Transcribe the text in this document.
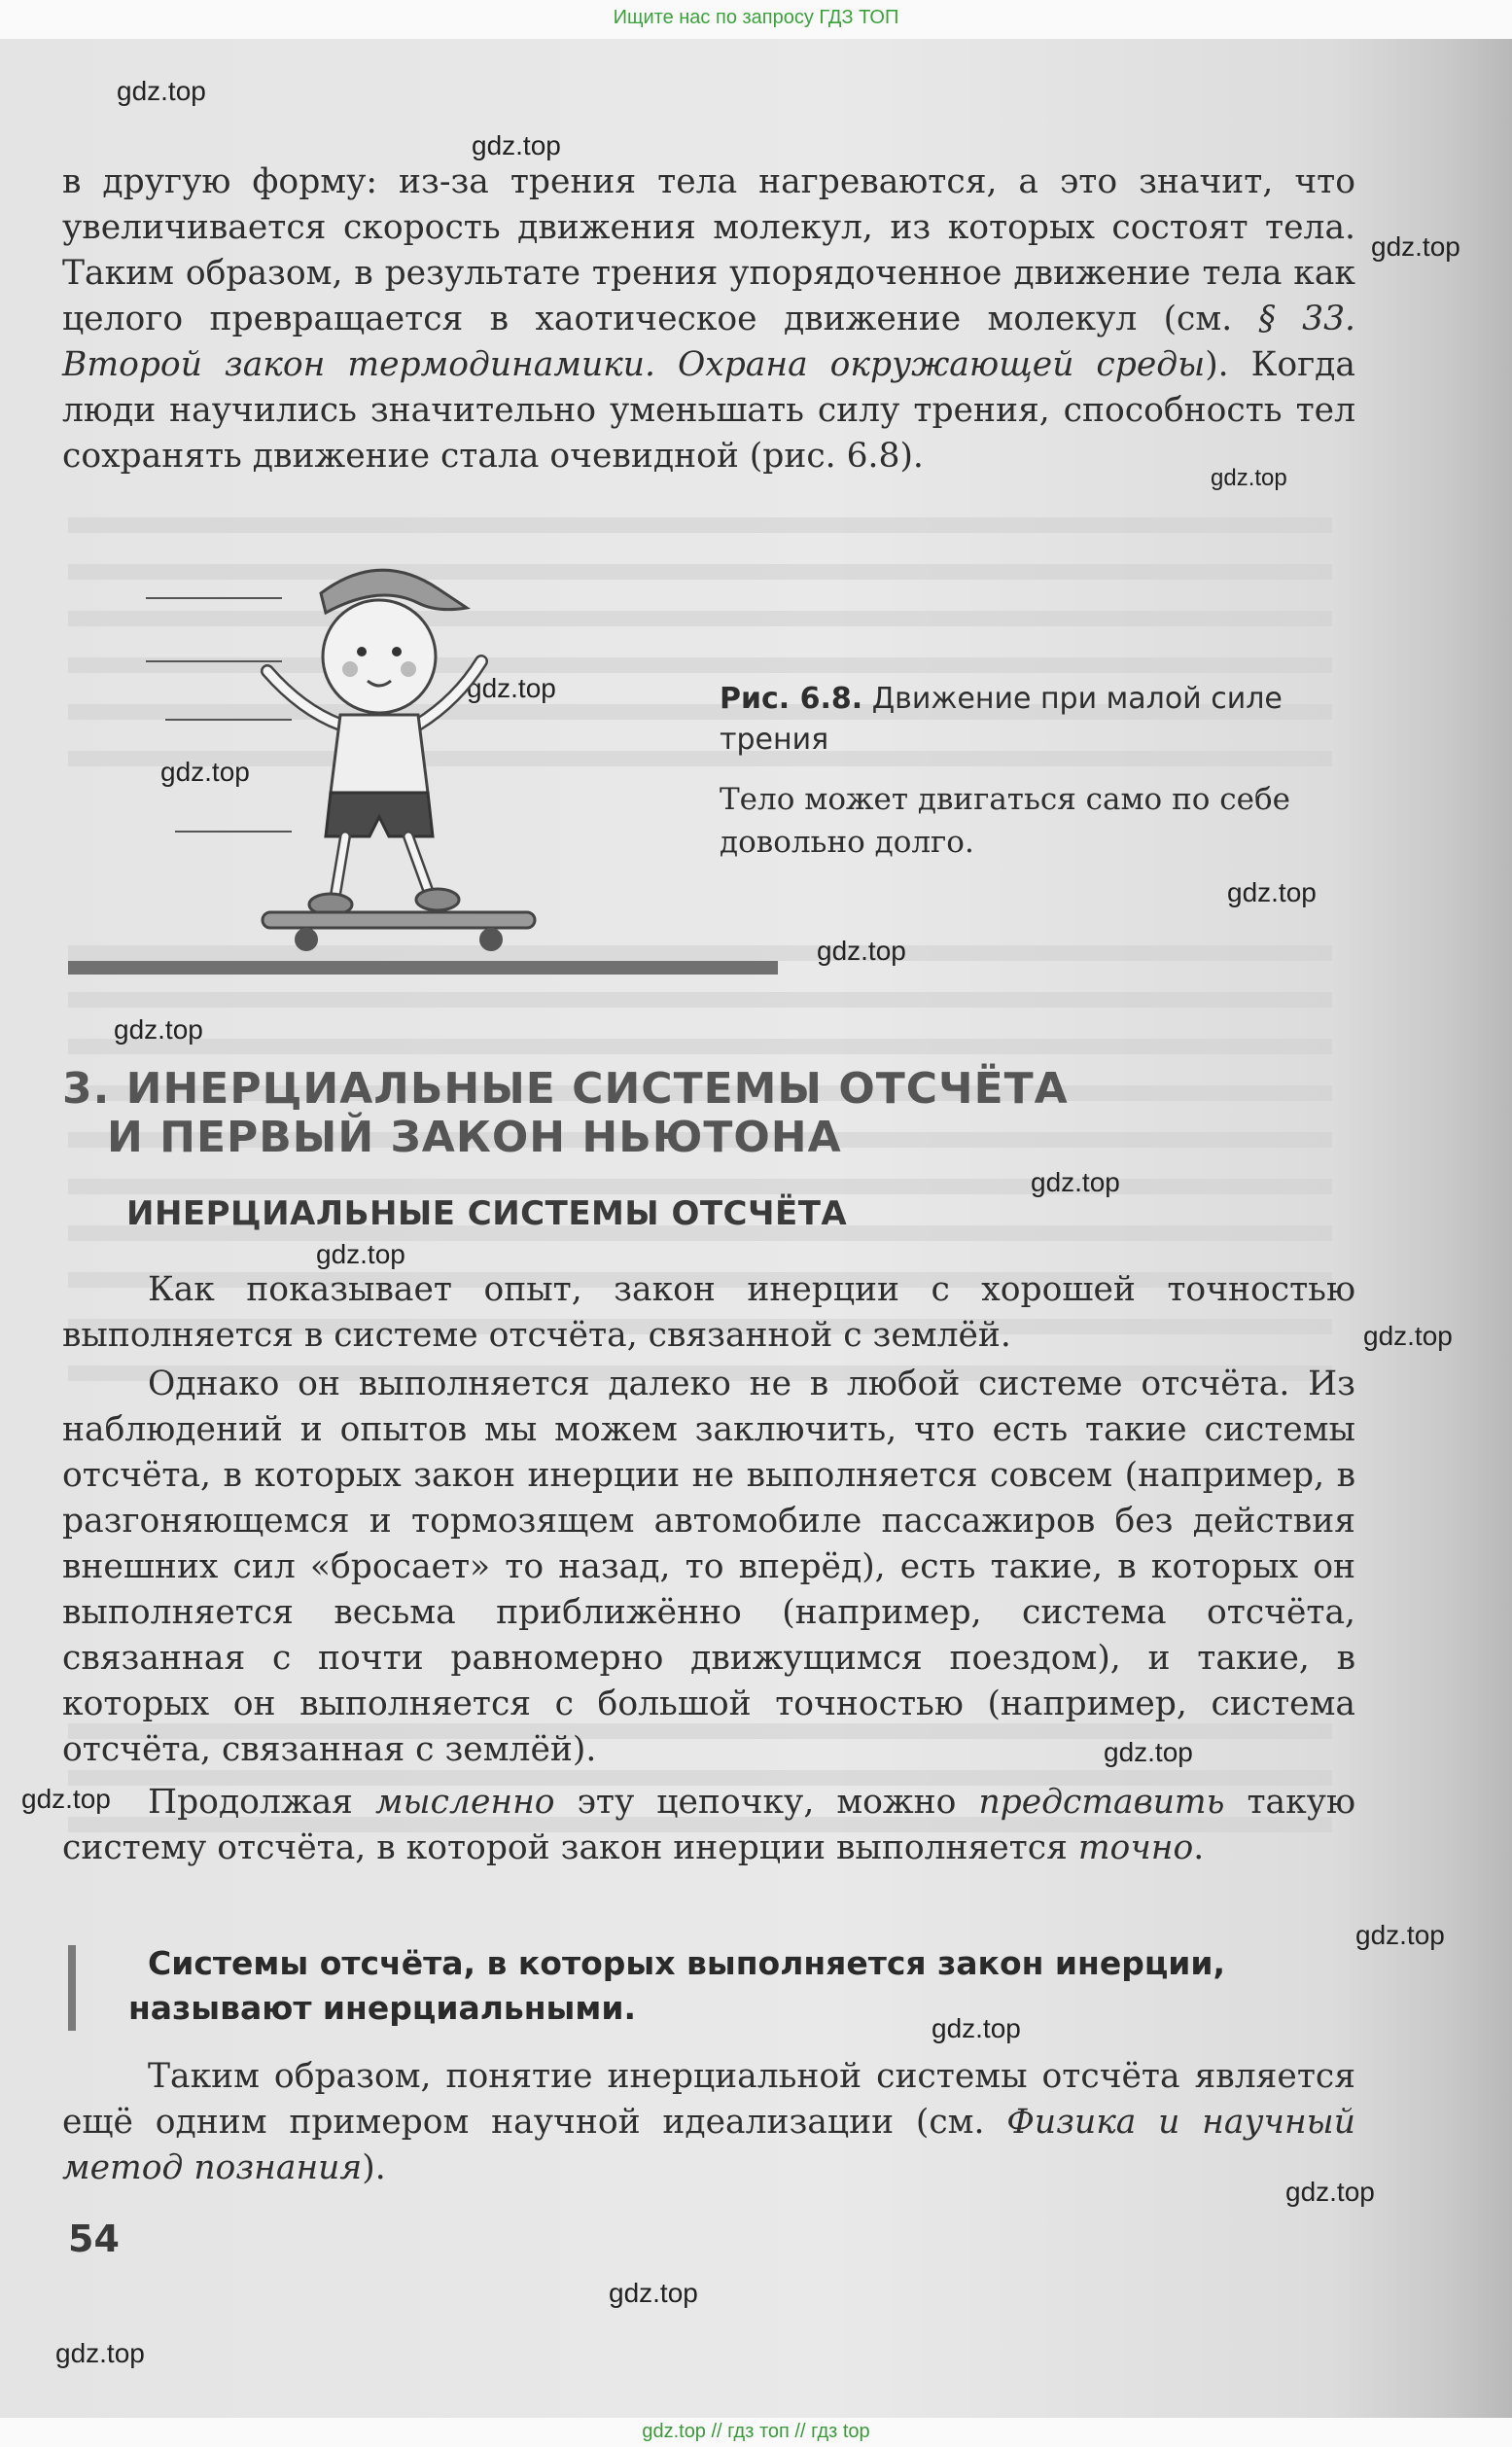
Ищите нас по запросу ГДЗ ТОП
gdz.top
gdz.top
gdz.top
gdz.top
gdz.top
gdz.top
gdz.top
gdz.top
gdz.top
gdz.top
gdz.top
gdz.top
gdz.top
gdz.top
gdz.top
gdz.top
gdz.top
gdz.top
gdz.top

в другую форму: из-за трения тела нагреваются, а это значит, что увеличивается скорость движения молекул, из которых состоят тела. Таким образом, в результате трения упорядоченное движение тела как целого превращается в хаотическое движение молекул (см. § 33. Второй закон термодинамики. Охрана окружающей среды). Когда люди научились значительно уменьшать силу трения, способность тел сохранять движение стала очевидной (рис. 6.8).

Рис. 6.8. Движение при малой силе трения

Тело может двигаться само по себе довольно долго.

3. ИНЕРЦИАЛЬНЫЕ СИСТЕМЫ ОТСЧЁТА
И ПЕРВЫЙ ЗАКОН НЬЮТОНА
ИНЕРЦИАЛЬНЫЕ СИСТЕМЫ ОТСЧЁТА

Как показывает опыт, закон инерции с хорошей точностью выполняется в системе отсчёта, связанной с землёй.

Однако он выполняется далеко не в любой системе отсчёта. Из наблюдений и опытов мы можем заключить, что есть такие системы отсчёта, в которых закон инерции не выполняется совсем (например, в разгоняющемся и тормозящем автомобиле пассажиров без действия внешних сил «бросает» то назад, то вперёд), есть такие, в которых он выполняется весьма приближённо (например, система отсчёта, связанная с почти равномерно движущимся поездом), и такие, в которых он выполняется с большой точностью (например, система отсчёта, связанная с землёй).

Продолжая мысленно эту цепочку, можно представить такую систему отсчёта, в которой закон инерции выполняется точно.

Системы отсчёта, в которых выполняется закон инерции, называют инерциальными.

Таким образом, понятие инерциальной системы отсчёта является ещё одним примером научной идеализации (см. Физика и научный метод познания).

54
gdz.top // гдз топ // гдз top
